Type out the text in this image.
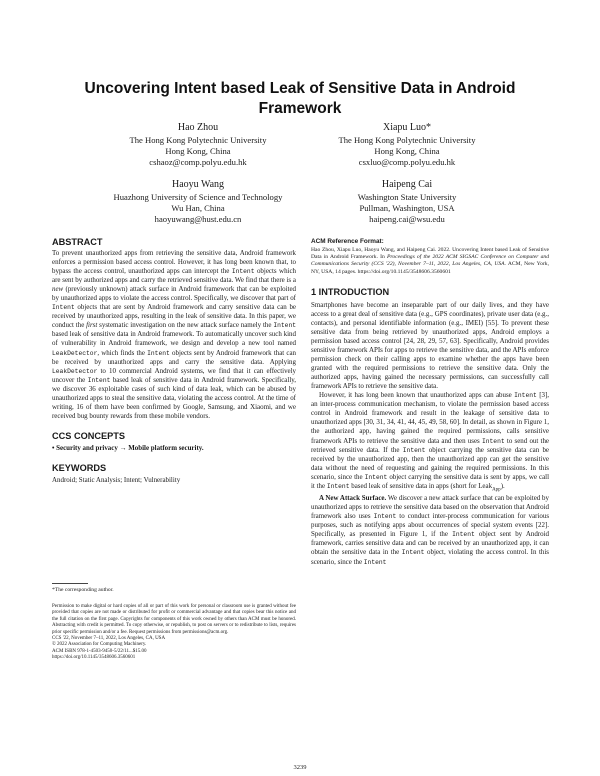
Uncovering Intent based Leak of Sensitive Data in Android Framework
Hao Zhou
The Hong Kong Polytechnic University
Hong Kong, China
cshaoz@comp.polyu.edu.hk
Xiapu Luo*
The Hong Kong Polytechnic University
Hong Kong, China
csxluo@comp.polyu.edu.hk
Haoyu Wang
Huazhong University of Science and Technology
Wu Han, China
haoyuwang@hust.edu.cn
Haipeng Cai
Washington State University
Pullman, Washington, USA
haipeng.cai@wsu.edu
ABSTRACT
To prevent unauthorized apps from retrieving the sensitive data, Android framework enforces a permission based access control. However, it has long been known that, to bypass the access control, unauthorized apps can intercept the Intent objects which are sent by authorized apps and carry the retrieved sensitive data. We find that there is a new (previously unknown) attack surface in Android framework that can be exploited by unauthorized apps to violate the access control. Specifically, we discover that part of Intent objects that are sent by Android framework and carry sensitive data can be received by unauthorized apps, resulting in the leak of sensitive data. In this paper, we conduct the first systematic investigation on the new attack surface namely the Intent based leak of sensitive data in Android framework. To automatically uncover such kind of vulnerability in Android framework, we design and develop a new tool named LeakDetector, which finds the Intent objects sent by Android framework that can be received by unauthorized apps and carry the sensitive data. Applying LeakDetector to 10 commercial Android systems, we find that it can effectively uncover the Intent based leak of sensitive data in Android framework. Specifically, we discover 36 exploitable cases of such kind of data leak, which can be abused by unauthorized apps to steal the sensitive data, violating the access control. At the time of writing, 16 of them have been confirmed by Google, Samsung, and Xiaomi, and we received bug bounty rewards from these mobile vendors.
CCS CONCEPTS
• Security and privacy → Mobile platform security.
KEYWORDS
Android; Static Analysis; Intent; Vulnerability
*The corresponding author.

Permission to make digital or hard copies of all or part of this work for personal or classroom use is granted without fee provided that copies are not made or distributed for profit or commercial advantage and that copies bear this notice and the full citation on the first page. Copyrights for components of this work owned by others than ACM must be honored. Abstracting with credit is permitted. To copy otherwise, or republish, to post on servers or to redistribute to lists, requires prior specific permission and/or a fee. Request permissions from permissions@acm.org.

CCS '22, November 7–11, 2022, Los Angeles, CA, USA

© 2022 Association for Computing Machinery.

ACM ISBN 978-1-4503-9450-5/22/11...$15.00

https://doi.org/10.1145/3548606.3560601

ACM Reference Format:

Hao Zhou, Xiapu Luo, Haoyu Wang, and Haipeng Cai. 2022. Uncovering Intent based Leak of Sensitive Data in Android Framework. In Proceedings of the 2022 ACM SIGSAC Conference on Computer and Communications Security (CCS '22), November 7–11, 2022, Los Angeles, CA, USA. ACM, New York, NY, USA, 14 pages. https://doi.org/10.1145/3548606.3560601

1 INTRODUCTION

Smartphones have become an inseparable part of our daily lives, and they have access to a great deal of sensitive data (e.g., GPS coordinates), private user data (e.g., contacts), and personal identifiable information (e.g., IMEI) [55]. To prevent these sensitive data from being retrieved by unauthorized apps, Android employs a permission based access control [24, 28, 29, 57, 63]. Specifically, Android provides sensitive framework APIs for apps to retrieve the sensitive data, and the APIs enforce permission check on their calling apps to examine whether the apps have been granted with the required permissions to retrieve the sensitive data. Only the authorized apps, having gained the necessary permissions, can successfully call framework APIs to retrieve the sensitive data.

However, it has long been known that unauthorized apps can abuse Intent [3], an inter-process communication mechanism, to violate the permission based access control in Android framework and result in the leakage of sensitive data to unauthorized apps [30, 31, 34, 41, 44, 45, 49, 58, 60]. In detail, as shown in Figure 1, the authorized app, having gained the required permissions, calls sensitive framework APIs to retrieve the sensitive data and then uses Intent to send out the retrieved sensitive data. If the Intent object carrying the sensitive data can be received by the unauthorized app, then the unauthorized app can get the sensitive data without the need of requesting and gaining the required permissions. In this scenario, since the Intent object carrying the sensitive data is sent by apps, we call it the Intent based leak of sensitive data in apps (short for Leak$_{App}$).

A New Attack Surface. We discover a new attack surface that can be exploited by unauthorized apps to retrieve the sensitive data based on the observation that Android framework also uses Intent to conduct inter-process communication for various purposes, such as notifying apps about occurrences of special system events [22]. Specifically, as presented in Figure 1, if the Intent object sent by Android framework, carries sensitive data and can be received by an unauthorized app, it can obtain the sensitive data in the Intent object, violating the access control. In this scenario, since the Intent

3239
